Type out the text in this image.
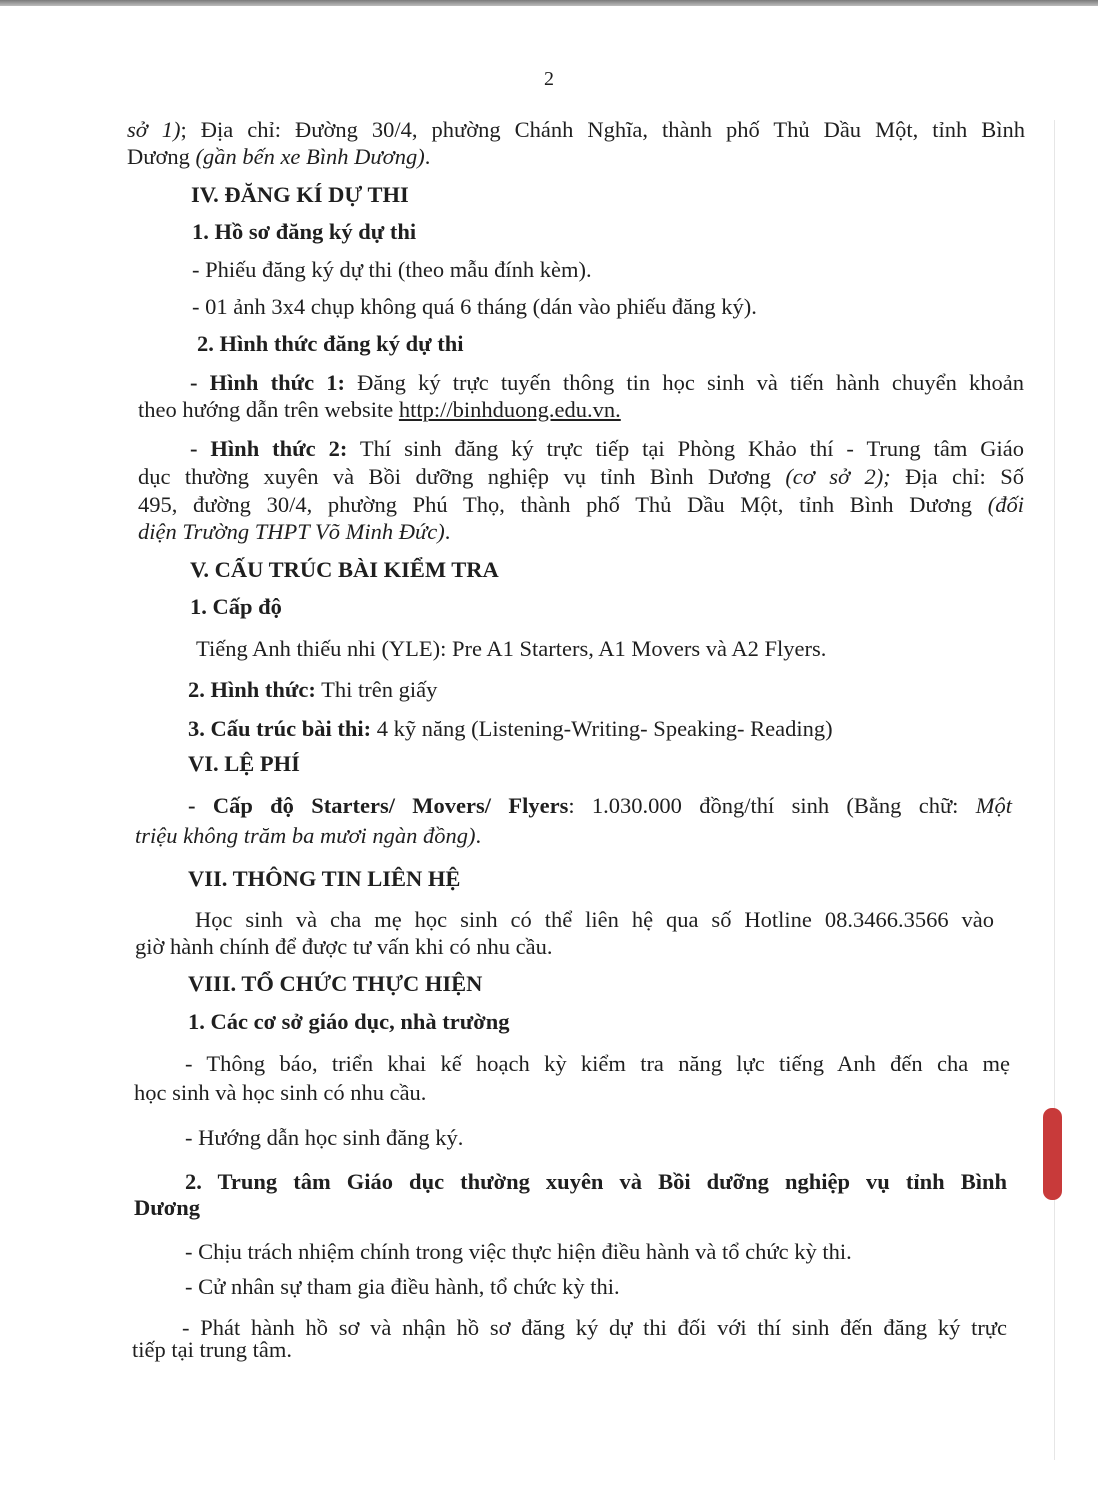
2

sở 1); Địa chỉ: Đường 30/4, phường Chánh Nghĩa, thành phố Thủ Dầu Một, tỉnh Bình

Dương (gần bến xe Bình Dương).

IV. ĐĂNG KÍ DỰ THI

1. Hồ sơ đăng ký dự thi

- Phiếu đăng ký dự thi (theo mẫu đính kèm).

- 01 ảnh 3x4 chụp không quá 6 tháng (dán vào phiếu đăng ký).

2. Hình thức đăng ký dự thi

- Hình thức 1: Đăng ký trực tuyến thông tin học sinh và tiến hành chuyển khoản

theo hướng dẫn trên website http://binhduong.edu.vn.

- Hình thức 2: Thí sinh đăng ký trực tiếp tại Phòng Khảo thí - Trung tâm Giáo

dục thường xuyên và Bồi dưỡng nghiệp vụ tỉnh Bình Dương (cơ sở 2); Địa chỉ: Số

495, đường 30/4, phường Phú Thọ, thành phố Thủ Dầu Một, tỉnh Bình Dương (đối

diện Trường THPT Võ Minh Đức).

V. CẤU TRÚC BÀI KIỂM TRA

1. Cấp độ

Tiếng Anh thiếu nhi (YLE): Pre A1 Starters, A1 Movers và A2 Flyers.

2. Hình thức: Thi trên giấy

3. Cấu trúc bài thi: 4 kỹ năng (Listening-Writing- Speaking- Reading)

VI. LỆ PHÍ

- Cấp độ Starters/ Movers/ Flyers: 1.030.000 đồng/thí sinh (Bằng chữ: Một

triệu không trăm ba mươi ngàn đồng).

VII. THÔNG TIN LIÊN HỆ

Học sinh và cha mẹ học sinh có thể liên hệ qua số Hotline 08.3466.3566 vào

giờ hành chính để được tư vấn khi có nhu cầu.

VIII. TỔ CHỨC THỰC HIỆN

1. Các cơ sở giáo dục, nhà trường

- Thông báo, triển khai kế hoạch kỳ kiểm tra năng lực tiếng Anh đến cha mẹ

học sinh và học sinh có nhu cầu.

- Hướng dẫn học sinh đăng ký.

2. Trung tâm Giáo dục thường xuyên và Bồi dưỡng nghiệp vụ tỉnh Bình

Dương

- Chịu trách nhiệm chính trong việc thực hiện điều hành và tổ chức kỳ thi.

- Cử nhân sự tham gia điều hành, tổ chức kỳ thi.

- Phát hành hồ sơ và nhận hồ sơ đăng ký dự thi đối với thí sinh đến đăng ký trực

tiếp tại trung tâm.
